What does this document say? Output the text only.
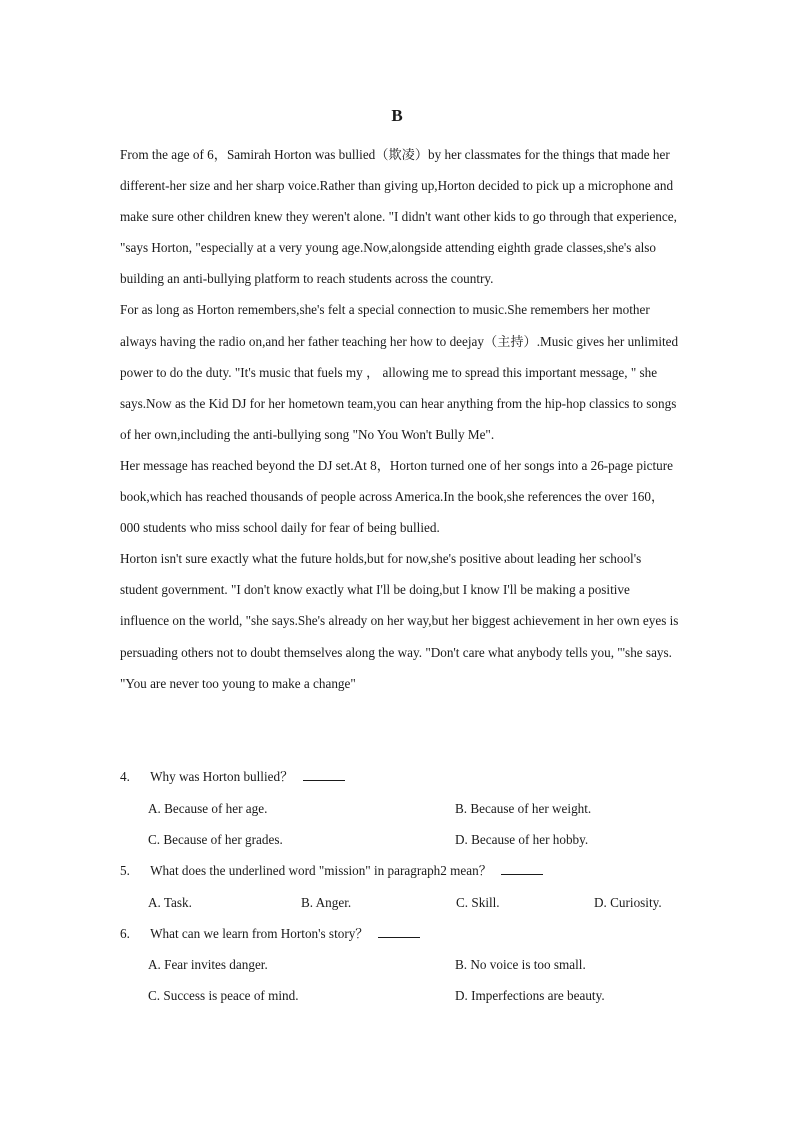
B

From the age of 6，Samirah Horton was bullied（欺凌）by her classmates for the things that made her different-her size and her sharp voice.Rather than giving up,Horton decided to pick up a microphone and make sure other children knew they weren't alone. "I didn't want other kids to go through that experience, "says Horton, "especially at a very young age.Now,alongside attending eighth grade classes,she's also building an anti-bullying platform to reach students across the country.

For as long as Horton remembers,she's felt a special connection to music.She remembers her mother always having the radio on,and her father teaching her how to deejay（主持）.Music gives her unlimited power to do the duty. "It's music that fuels my ， allowing me to spread this important message, " she says.Now as the Kid DJ for her hometown team,you can hear anything from the hip-hop classics to songs of her own,including the anti-bullying song "No You Won't Bully Me".

Her message has reached beyond the DJ set.At 8，Horton turned one of her songs into a 26-page picture book,which has reached thousands of people across America.In the book,she references the over 160，000 students who miss school daily for fear of being bullied.

Horton isn't sure exactly what the future holds,but for now,she's positive about leading her school's student government. "I don't know exactly what I'll be doing,but I know I'll be making a positive influence on the world, "she says.She's already on her way,but her biggest achievement in her own eyes is persuading others not to doubt themselves along the way. "Don't care what anybody tells you, "'she says. "You are never too young to make a change"

4. Why was Horton bullied？
A. Because of her age.	B. Because of her weight.
C. Because of her grades.	D. Because of her hobby.
5. What does the underlined word "mission" in paragraph2 mean？
A. Task.	B. Anger.	C. Skill.	D. Curiosity.
6. What can we learn from Horton's story？
A. Fear invites danger.	B. No voice is too small.
C. Success is peace of mind.	D. Imperfections are beauty.
